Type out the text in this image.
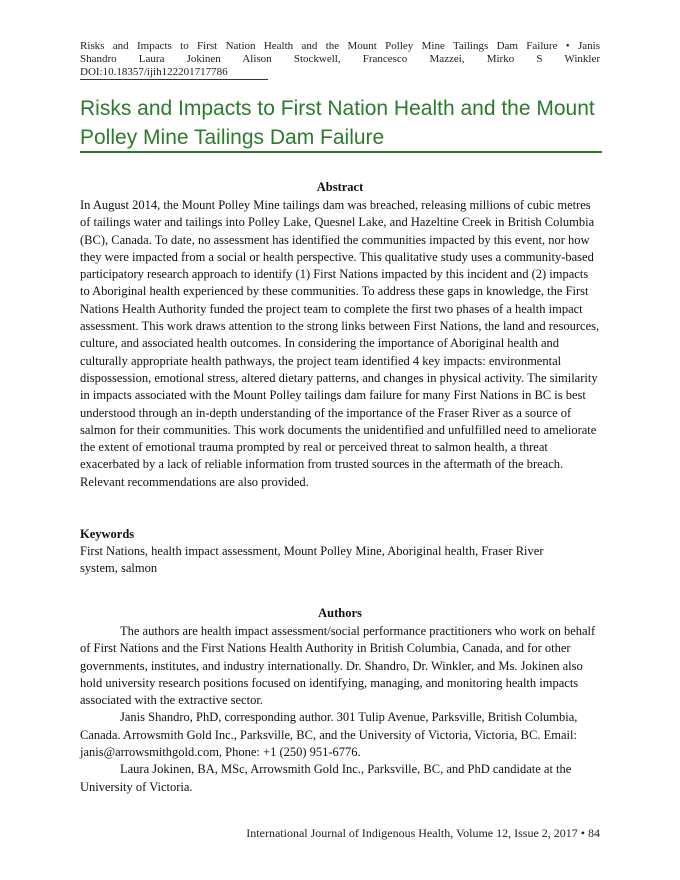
Risks and Impacts to First Nation Health and the Mount Polley Mine Tailings Dam Failure • Janis
Shandro Laura Jokinen Alison Stockwell, Francesco Mazzei, Mirko S Winkler
DOI:10.18357/ijih122201717786
Risks and Impacts to First Nation Health and the Mount Polley Mine Tailings Dam Failure
Abstract

In August 2014, the Mount Polley Mine tailings dam was breached, releasing millions of cubic metres of tailings water and tailings into Polley Lake, Quesnel Lake, and Hazeltine Creek in British Columbia (BC), Canada. To date, no assessment has identified the communities impacted by this event, nor how they were impacted from a social or health perspective. This qualitative study uses a community-based participatory research approach to identify (1) First Nations impacted by this incident and (2) impacts to Aboriginal health experienced by these communities. To address these gaps in knowledge, the First Nations Health Authority funded the project team to complete the first two phases of a health impact assessment. This work draws attention to the strong links between First Nations, the land and resources, culture, and associated health outcomes. In considering the importance of Aboriginal health and culturally appropriate health pathways, the project team identified 4 key impacts: environmental dispossession, emotional stress, altered dietary patterns, and changes in physical activity. The similarity in impacts associated with the Mount Polley tailings dam failure for many First Nations in BC is best understood through an in-depth understanding of the importance of the Fraser River as a source of salmon for their communities. This work documents the unidentified and unfulfilled need to ameliorate the extent of emotional trauma prompted by real or perceived threat to salmon health, a threat exacerbated by a lack of reliable information from trusted sources in the aftermath of the breach. Relevant recommendations are also provided.

Keywords

First Nations, health impact assessment, Mount Polley Mine, Aboriginal health, Fraser River system, salmon

Authors

The authors are health impact assessment/social performance practitioners who work on behalf of First Nations and the First Nations Health Authority in British Columbia, Canada, and for other governments, institutes, and industry internationally. Dr. Shandro, Dr. Winkler, and Ms. Jokinen also hold university research positions focused on identifying, managing, and monitoring health impacts associated with the extractive sector.

Janis Shandro, PhD, corresponding author. 301 Tulip Avenue, Parksville, British Columbia, Canada. Arrowsmith Gold Inc., Parksville, BC, and the University of Victoria, Victoria, BC. Email: janis@arrowsmithgold.com, Phone: +1 (250) 951-6776.

Laura Jokinen, BA, MSc, Arrowsmith Gold Inc., Parksville, BC, and PhD candidate at the University of Victoria.

International Journal of Indigenous Health, Volume 12, Issue 2, 2017 • 84
